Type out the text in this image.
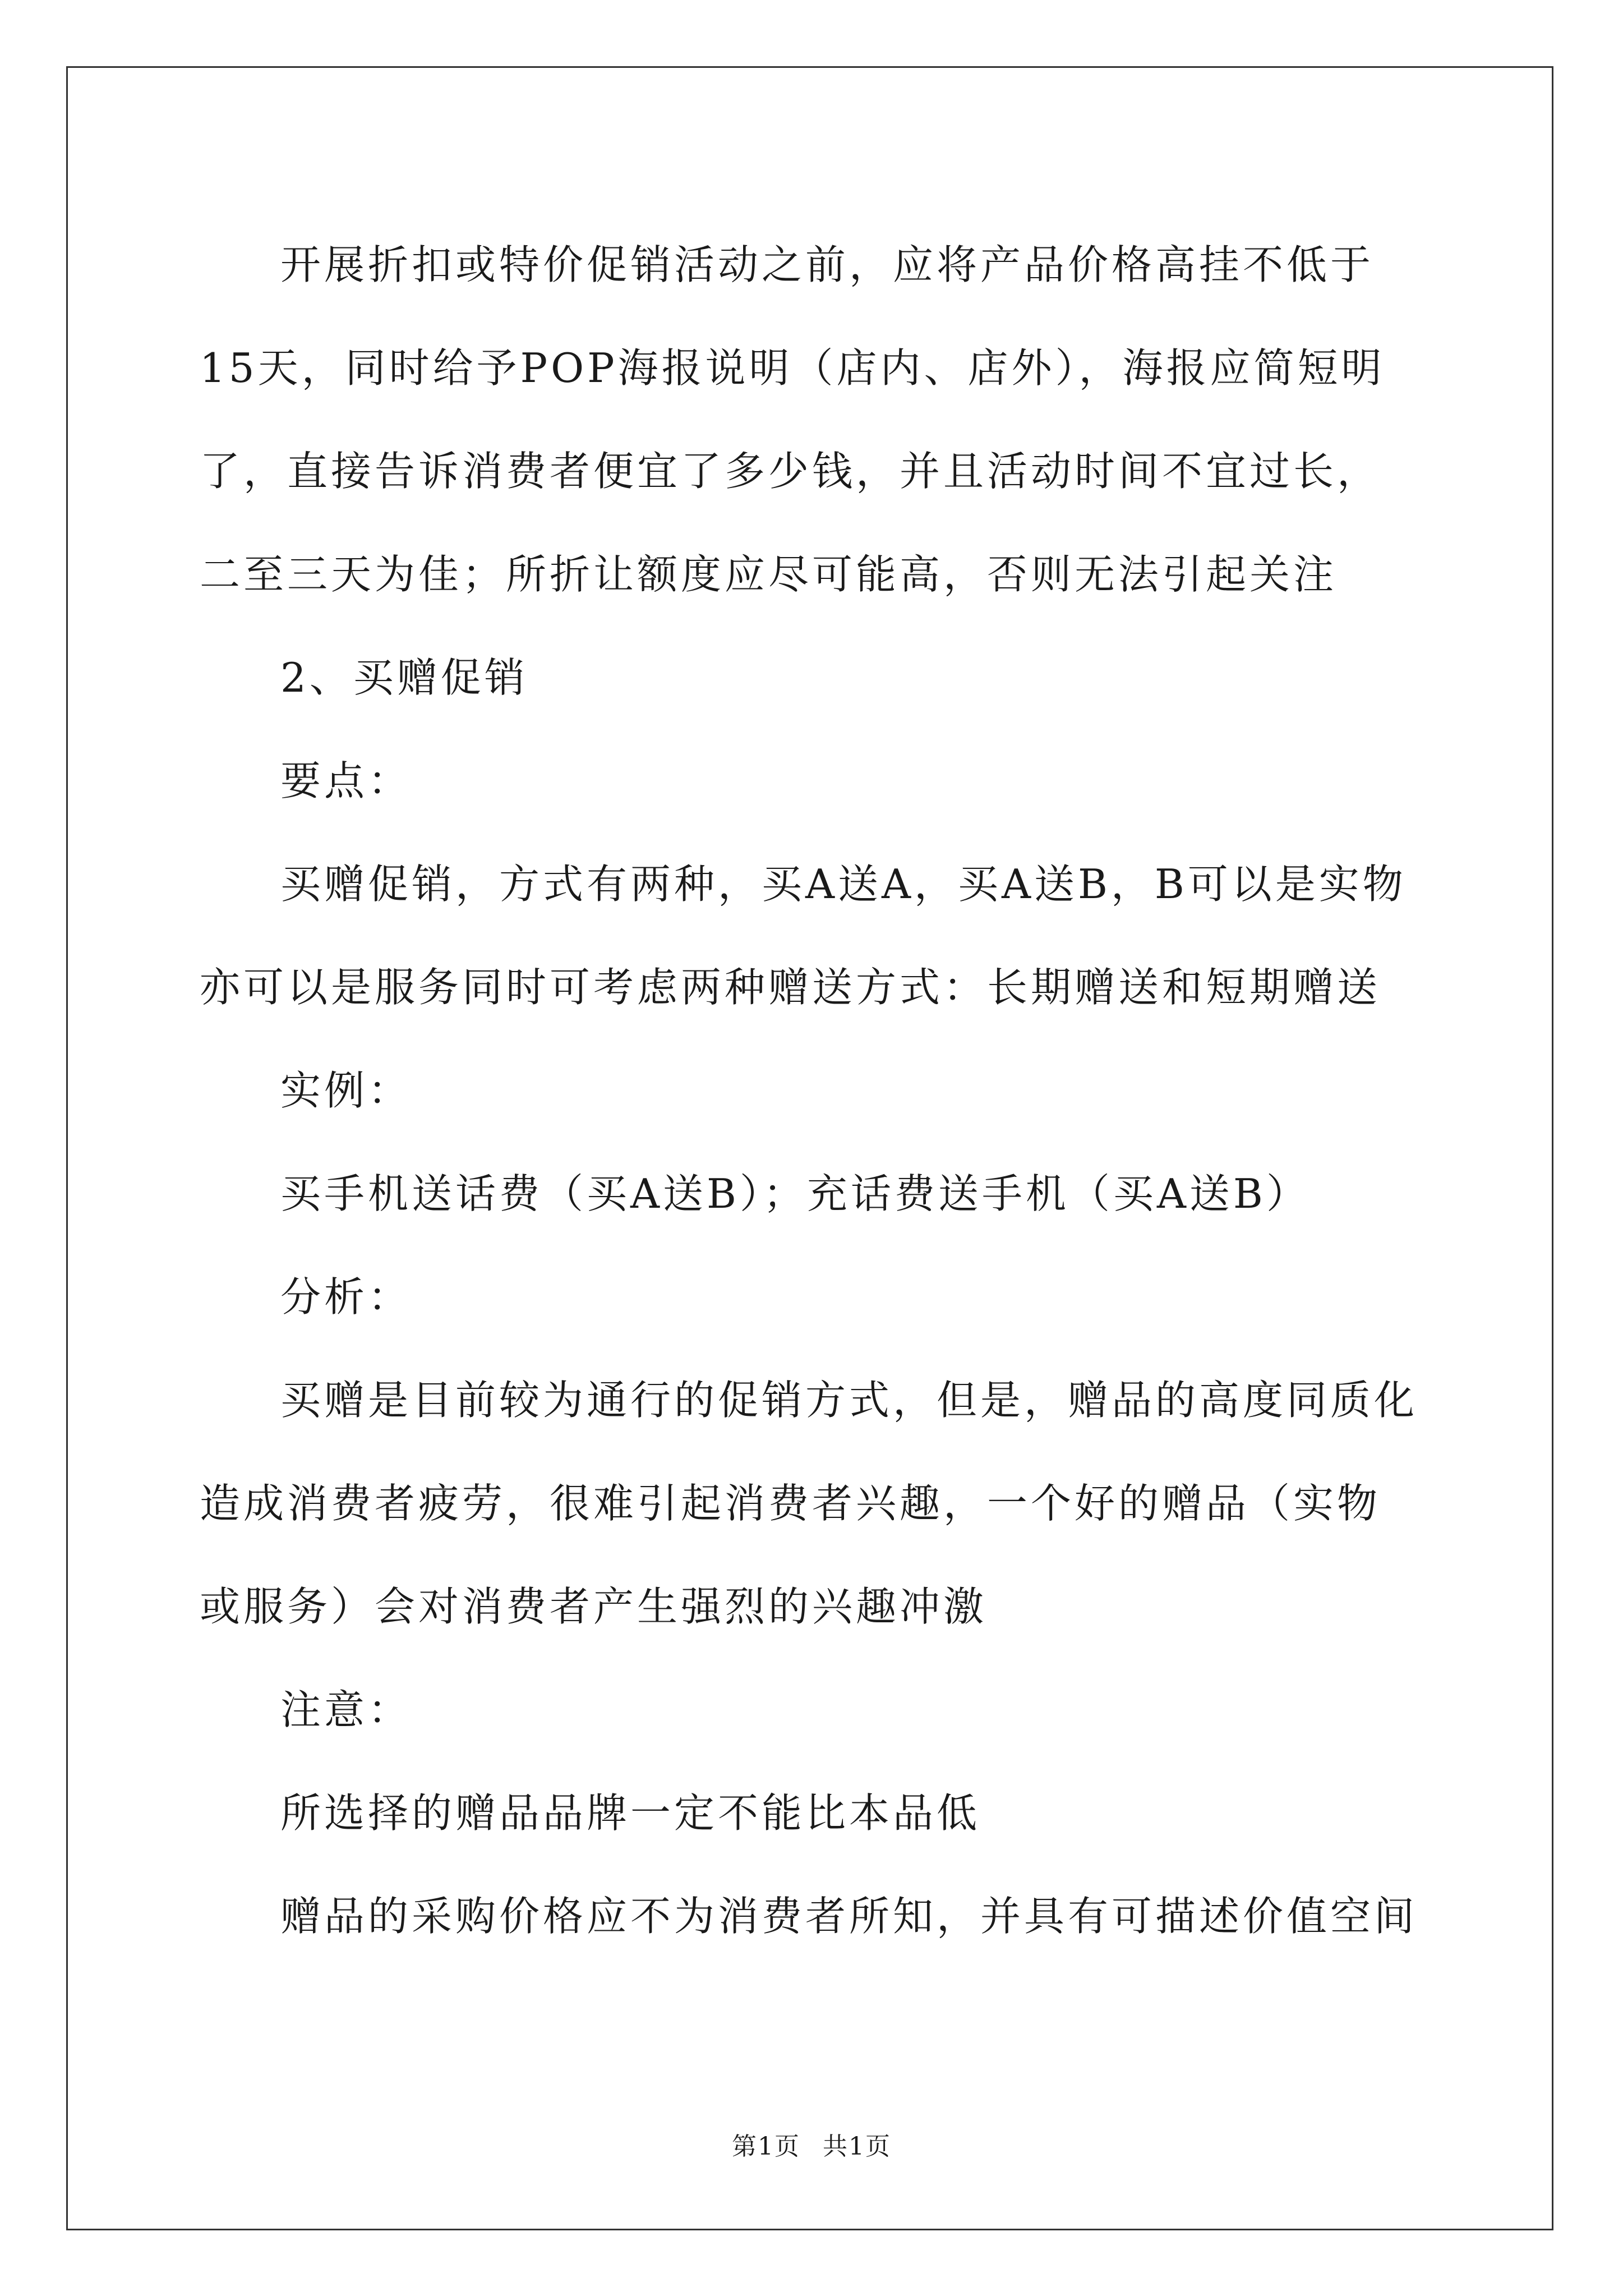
开展折扣或特价促销活动之前，应将产品价格高挂不低于15天，同时给予POP海报说明（店内、店外），海报应简短明了，直接告诉消费者便宜了多少钱，并且活动时间不宜过长，二至三天为佳；所折让额度应尽可能高，否则无法引起关注

2、买赠促销

要点：

买赠促销，方式有两种，买A送A，买A送B，B可以是实物亦可以是服务同时可考虑两种赠送方式：长期赠送和短期赠送

实例：

买手机送话费（买A送B）；充话费送手机（买A送B）

分析：

买赠是目前较为通行的促销方式，但是，赠品的高度同质化造成消费者疲劳，很难引起消费者兴趣，一个好的赠品（实物或服务）会对消费者产生强烈的兴趣冲激

注意：

所选择的赠品品牌一定不能比本品低

赠品的采购价格应不为消费者所知，并具有可描述价值空间

第1页 共1页
